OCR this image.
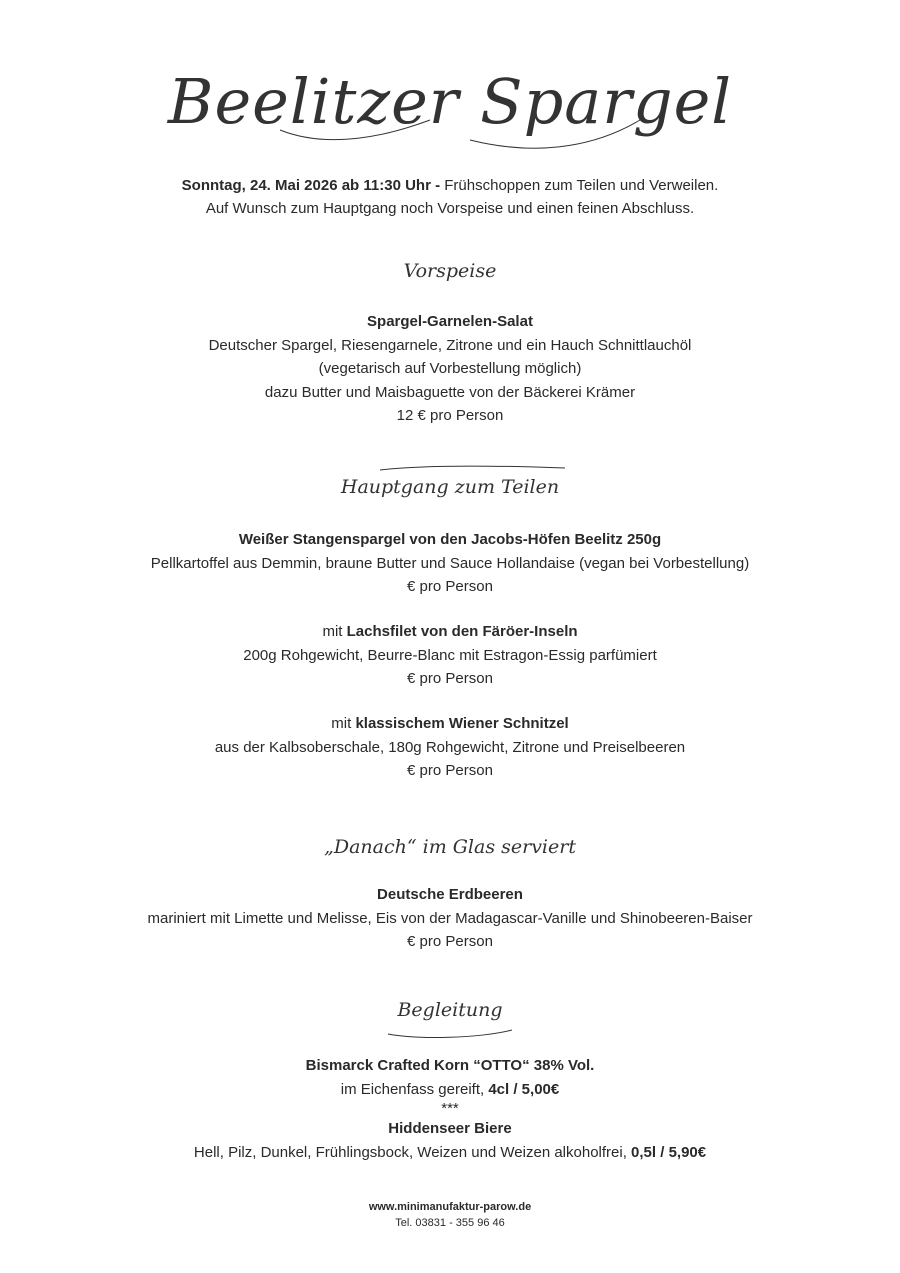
Beelitzer Spargel
Sonntag, 24. Mai 2026 ab 11:30 Uhr - Frühschoppen zum Teilen und Verweilen.
Auf Wunsch zum Hauptgang noch Vorspeise und einen feinen Abschluss.
Vorspeise
Spargel-Garnelen-Salat
Deutscher Spargel, Riesengarnele, Zitrone und ein Hauch Schnittlauchöl
(vegetarisch auf Vorbestellung möglich)
dazu Butter und Maisbaguette von der Bäckerei Krämer
12 € pro Person
Hauptgang zum Teilen
Weißer Stangenspargel von den Jacobs-Höfen Beelitz 250g
Pellkartoffel aus Demmin, braune Butter und Sauce Hollandaise (vegan bei Vorbestellung)
€ pro Person
mit Lachsfilet von den Färöer-Inseln
200g Rohgewicht, Beurre-Blanc mit Estragon-Essig parfümiert
€ pro Person
mit klassischem Wiener Schnitzel
aus der Kalbsoberschale, 180g Rohgewicht, Zitrone und Preiselbeeren
€ pro Person
„Danach“ im Glas serviert
Deutsche Erdbeeren
mariniert mit Limette und Melisse, Eis von der Madagascar-Vanille und Shinobeeren-Baiser
€ pro Person
Begleitung
Bismarck Crafted Korn “OTTO“ 38% Vol.
im Eichenfass gereift, 4cl / 5,00€
***
Hiddenseer Biere
Hell, Pilz, Dunkel, Frühlingsbock, Weizen und Weizen alkoholfrei, 0,5l / 5,90€
www.minimanufaktur-parow.de
Tel. 03831 - 355 96 46
